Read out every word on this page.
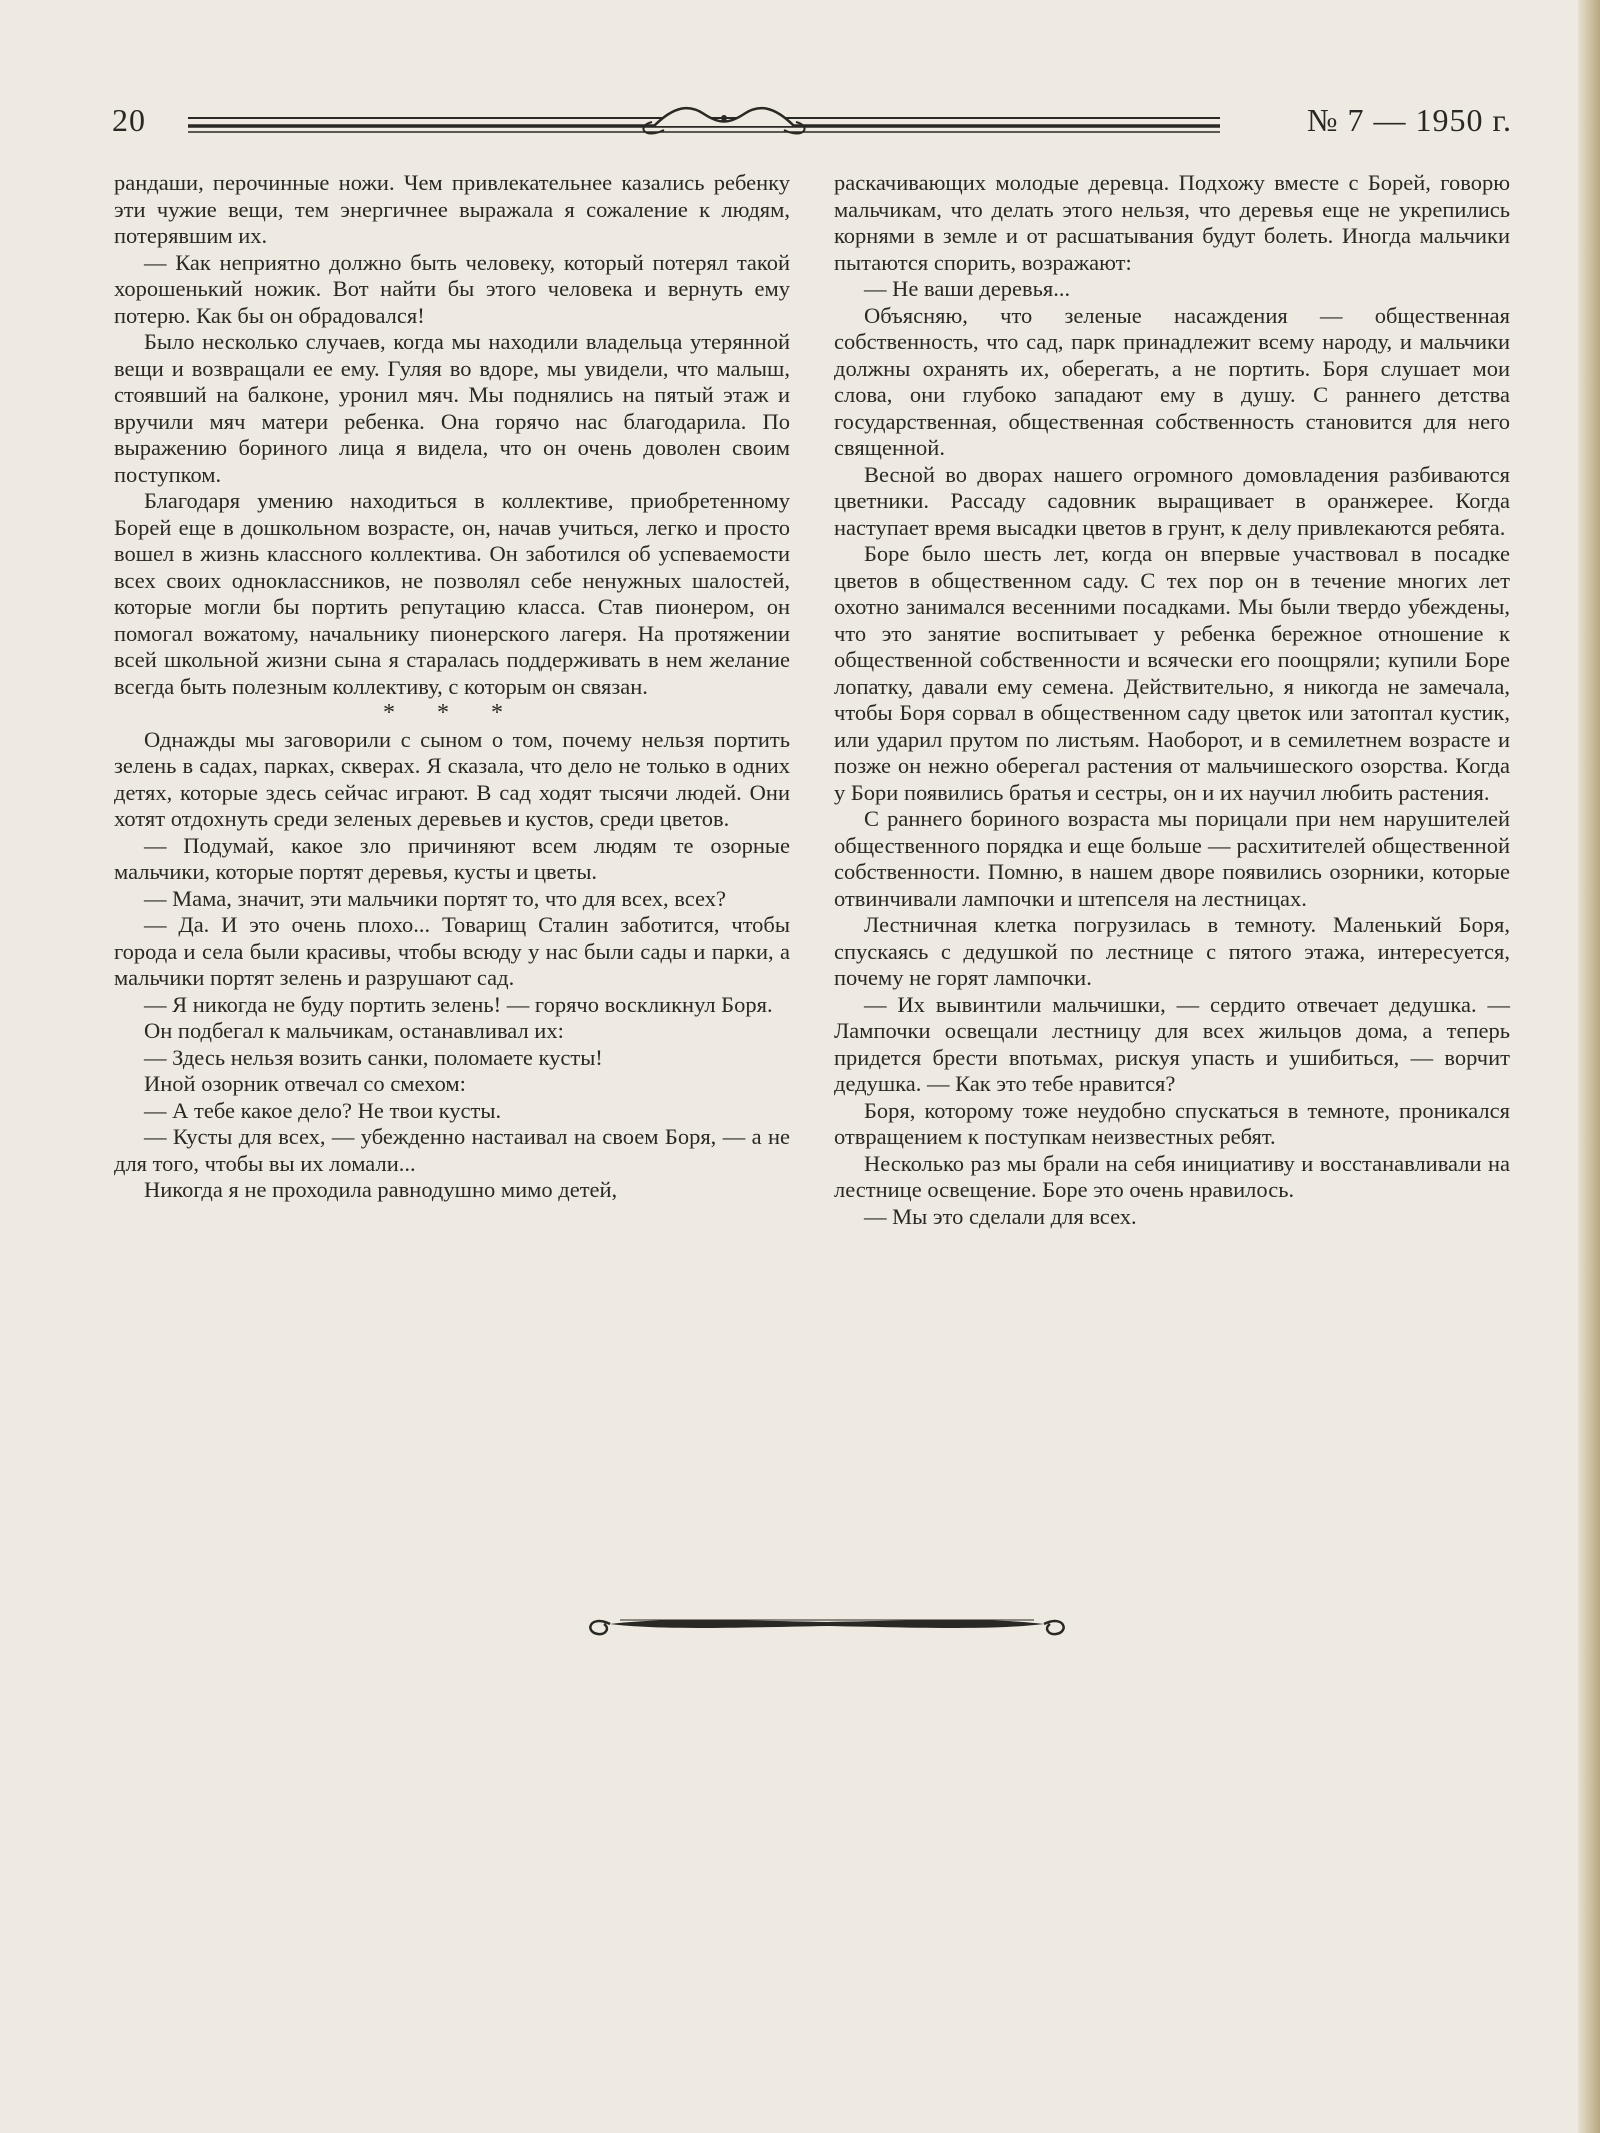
20	№ 7 — 1950 г.

рандаши, перочинные ножи. Чем привлекательнее казались ребенку эти чужие вещи, тем энергичнее выражала я сожаление к людям, потерявшим их.

— Как неприятно должно быть человеку, который потерял такой хорошенький ножик. Вот найти бы этого человека и вернуть ему потерю. Как бы он обрадовался!

Было несколько случаев, когда мы находили владельца утерянной вещи и возвращали ее ему. Гуляя во вдоре, мы увидели, что малыш, стоявший на балконе, уронил мяч. Мы поднялись на пятый этаж и вручили мяч матери ребенка. Она горячо нас благодарила. По выражению бориного лица я видела, что он очень доволен своим поступком.

Благодаря умению находиться в коллективе, приобретенному Борей еще в дошкольном возрасте, он, начав учиться, легко и просто вошел в жизнь классного коллектива. Он заботился об успеваемости всех своих одноклассников, не позволял себе ненужных шалостей, которые могли бы портить репутацию класса. Став пионером, он помогал вожатому, начальнику пионерского лагеря. На протяжении всей школьной жизни сына я старалась поддерживать в нем желание всегда быть полезным коллективу, с которым он связан.

* * *

Однажды мы заговорили с сыном о том, почему нельзя портить зелень в садах, парках, скверах. Я сказала, что дело не только в одних детях, которые здесь сейчас играют. В сад ходят тысячи людей. Они хотят отдохнуть среди зеленых деревьев и кустов, среди цветов.

— Подумай, какое зло причиняют всем людям те озорные мальчики, которые портят деревья, кусты и цветы.

— Мама, значит, эти мальчики портят то, что для всех, всех?

— Да. И это очень плохо... Товарищ Сталин заботится, чтобы города и села были красивы, чтобы всюду у нас были сады и парки, а мальчики портят зелень и разрушают сад.

— Я никогда не буду портить зелень! — горячо воскликнул Боря.

Он подбегал к мальчикам, останавливал их:

— Здесь нельзя возить санки, поломаете кусты!

Иной озорник отвечал со смехом:

— А тебе какое дело? Не твои кусты.

— Кусты для всех, — убежденно настаивал на своем Боря, — а не для того, чтобы вы их ломали...

Никогда я не проходила равнодушно мимо детей,

раскачивающих молодые деревца. Подхожу вместе с Борей, говорю мальчикам, что делать этого нельзя, что деревья еще не укрепились корнями в земле и от расшатывания будут болеть. Иногда мальчики пытаются спорить, возражают:

— Не ваши деревья...

Объясняю, что зеленые насаждения — общественная собственность, что сад, парк принадлежит всему народу, и мальчики должны охранять их, оберегать, а не портить. Боря слушает мои слова, они глубоко западают ему в душу. С раннего детства государственная, общественная собственность становится для него священной.

Весной во дворах нашего огромного домовладения разбиваются цветники. Рассаду садовник выращивает в оранжерее. Когда наступает время высадки цветов в грунт, к делу привлекаются ребята.

Боре было шесть лет, когда он впервые участвовал в посадке цветов в общественном саду. С тех пор он в течение многих лет охотно занимался весенними посадками. Мы были твердо убеждены, что это занятие воспитывает у ребенка бережное отношение к общественной собственности и всячески его поощряли; купили Боре лопатку, давали ему семена. Действительно, я никогда не замечала, чтобы Боря сорвал в общественном саду цветок или затоптал кустик, или ударил прутом по листьям. Наоборот, и в семилетнем возрасте и позже он нежно оберегал растения от мальчишеского озорства. Когда у Бори появились братья и сестры, он и их научил любить растения.

С раннего бориного возраста мы порицали при нем нарушителей общественного порядка и еще больше — расхитителей общественной собственности. Помню, в нашем дворе появились озорники, которые отвинчивали лампочки и штепселя на лестницах.

Лестничная клетка погрузилась в темноту. Маленький Боря, спускаясь с дедушкой по лестнице с пятого этажа, интересуется, почему не горят лампочки.

— Их вывинтили мальчишки, — сердито отвечает дедушка. — Лампочки освещали лестницу для всех жильцов дома, а теперь придется брести впотьмах, рискуя упасть и ушибиться, — ворчит дедушка. — Как это тебе нравится?

Боря, которому тоже неудобно спускаться в темноте, проникался отвращением к поступкам неизвестных ребят.

Несколько раз мы брали на себя инициативу и восстанавливали на лестнице освещение. Боре это очень нравилось.

— Мы это сделали для всех.
